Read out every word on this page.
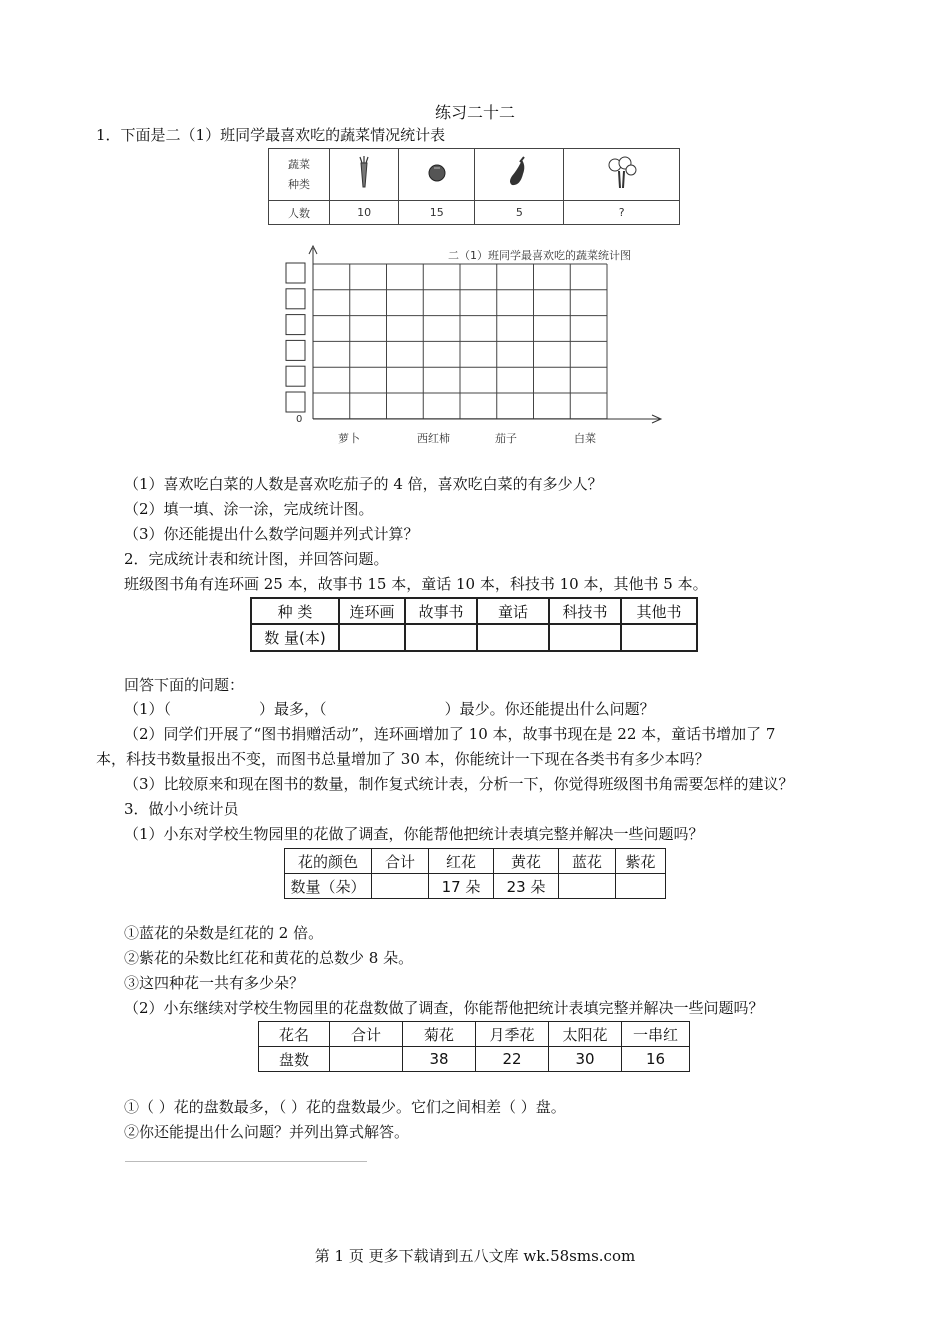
练习二十二
1．下面是二（1）班同学最喜欢吃的蔬菜情况统计表
蔬菜
种类

人数	10	15	5	?
二（1）班同学最喜欢吃的蔬菜统计图
0
萝卜	西红柿	茄子	白菜
（1）喜欢吃白菜的人数是喜欢吃茄子的 4 倍，喜欢吃白菜的有多少人？
（2）填一填、涂一涂，完成统计图。
（3）你还能提出什么数学问题并列式计算？
2．完成统计表和统计图，并回答问题。
班级图书角有连环画 25 本，故事书 15 本，童话 10 本，科技书 10 本，其他书 5 本。
种 类	连环画	故事书	童话	科技书	其他书
数 量(本)					
回答下面的问题：
（1）（	）最多，（	）最少。你还能提出什么问题？
（2）同学们开展了“图书捐赠活动”，连环画增加了 10 本，故事书现在是 22 本，童话书增加了 7
本，科技书数量报出不变，而图书总量增加了 30 本，你能统计一下现在各类书有多少本吗？
（3）比较原来和现在图书的数量，制作复式统计表，分析一下，你觉得班级图书角需要怎样的建议？
3．做小小统计员
（1）小东对学校生物园里的花做了调查，你能帮他把统计表填完整并解决一些问题吗？
花的颜色	合计	红花	黄花	蓝花	紫花
数量（朵）		17 朵	23 朵		
①蓝花的朵数是红花的 2 倍。
②紫花的朵数比红花和黄花的总数少 8 朵。
③这四种花一共有多少朵？
（2）小东继续对学校生物园里的花盘数做了调查，你能帮他把统计表填完整并解决一些问题吗？
花名	合计	菊花	月季花	太阳花	一串红
盘数		38	22	30	16
①（ ）花的盘数最多，（ ）花的盘数最少。它们之间相差（ ）盘。
②你还能提出什么问题？并列出算式解答。
第 1 页 更多下载请到五八文库 wk.58sms.com
